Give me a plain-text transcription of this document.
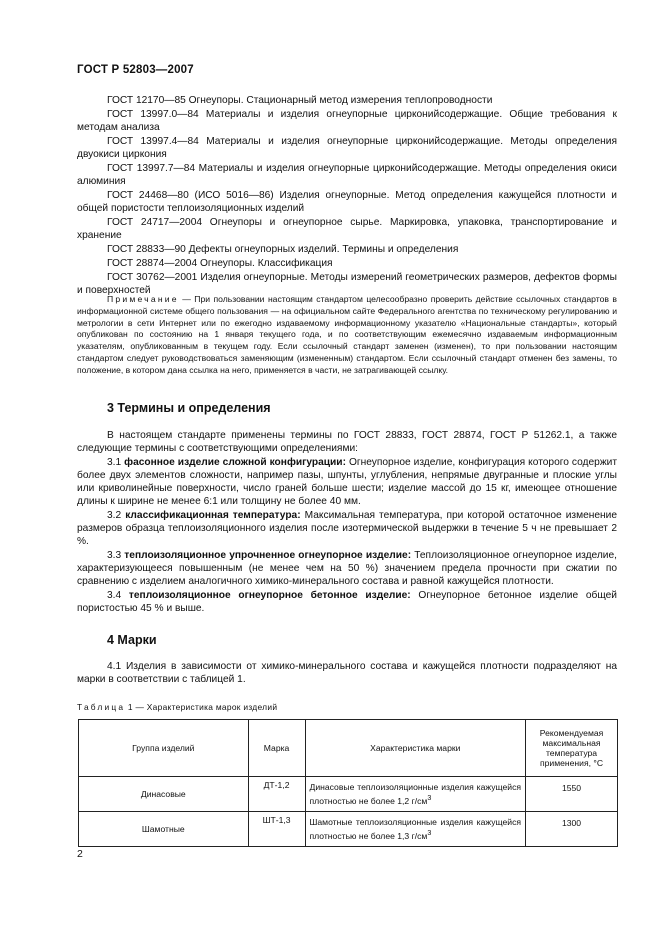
ГОСТ Р 52803—2007

ГОСТ 12170—85 Огнеупоры. Стационарный метод измерения теплопроводности

ГОСТ 13997.0—84 Материалы и изделия огнеупорные цирконийсодержащие. Общие требования к методам анализа

ГОСТ 13997.4—84 Материалы и изделия огнеупорные цирконийсодержащие. Методы определения двуокиси циркония

ГОСТ 13997.7—84 Материалы и изделия огнеупорные цирконийсодержащие. Методы определения окиси алюминия

ГОСТ 24468—80 (ИСО 5016—86) Изделия огнеупорные. Метод определения кажущейся плотности и общей пористости теплоизоляционных изделий

ГОСТ 24717—2004 Огнеупоры и огнеупорное сырье. Маркировка, упаковка, транспортирование и хранение

ГОСТ 28833—90 Дефекты огнеупорных изделий. Термины и определения

ГОСТ 28874—2004 Огнеупоры. Классификация

ГОСТ 30762—2001 Изделия огнеупорные. Методы измерений геометрических размеров, дефектов формы и поверхностей

Примечание — При пользовании настоящим стандартом целесообразно проверить действие ссылочных стандартов в информационной системе общего пользования — на официальном сайте Федерального агентства по техническому регулированию и метрологии в сети Интернет или по ежегодно издаваемому информационному указателю «Национальные стандарты», который опубликован по состоянию на 1 января текущего года, и по соответствующим ежемесячно издаваемым информационным указателям, опубликованным в текущем году. Если ссылочный стандарт заменен (изменен), то при пользовании настоящим стандартом следует руководствоваться заменяющим (измененным) стандартом. Если ссылочный стандарт отменен без замены, то положение, в котором дана ссылка на него, применяется в части, не затрагивающей ссылку.

3 Термины и определения

В настоящем стандарте применены термины по ГОСТ 28833, ГОСТ 28874, ГОСТ Р 51262.1, а также следующие термины с соответствующими определениями:

3.1 фасонное изделие сложной конфигурации: Огнеупорное изделие, конфигурация которого содержит более двух элементов сложности, например пазы, шпунты, углубления, непрямые двугранные и плоские углы или криволинейные поверхности, число граней больше шести; изделие массой до 15 кг, имеющее отношение длины к ширине не менее 6:1 или толщину не более 40 мм.

3.2 классификационная температура: Максимальная температура, при которой остаточное изменение размеров образца теплоизоляционного изделия после изотермической выдержки в течение 5 ч не превышает 2 %.

3.3 теплоизоляционное упрочненное огнеупорное изделие: Теплоизоляционное огнеупорное изделие, характеризующееся повышенным (не менее чем на 50 %) значением предела прочности при сжатии по сравнению с изделием аналогичного химико-минерального состава и равной кажущейся плотности.

3.4 теплоизоляционное огнеупорное бетонное изделие: Огнеупорное бетонное изделие общей пористостью 45 % и выше.

4 Марки

4.1 Изделия в зависимости от химико-минерального состава и кажущейся плотности подразделяют на марки в соответствии с таблицей 1.

Таблица 1 — Характеристика марок изделий
Группа изделий	Марка	Характеристика марки	Рекомендуемая максимальная температура применения, °С
Динасовые	ДТ-1,2	Динасовые теплоизоляционные изделия кажущейся плотностью не более 1,2 $г/см^3$	1550
Шамотные	ШТ-1,3	Шамотные теплоизоляционные изделия кажущейся плотностью не более 1,3 $г/см^3$	1300
2
